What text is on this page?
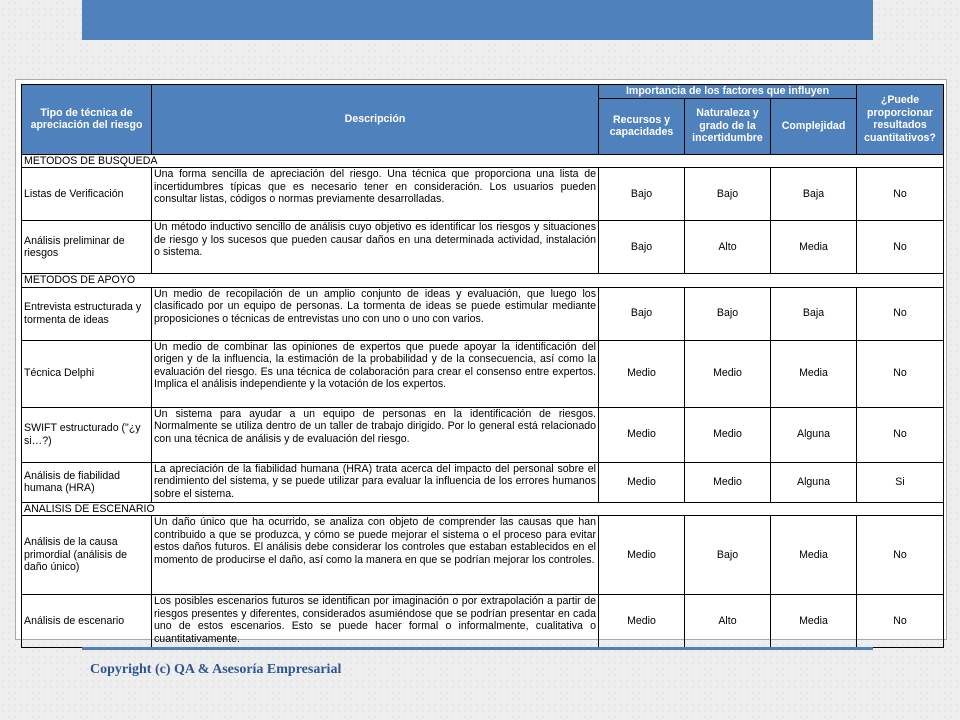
Tipo de técnica de apreciación del riesgo	Descripción	Importancia de los factores que influyen			¿Puede proporcionar resultados cuantitativos?
		Recursos y capacidades	Naturaleza y grado de la incertidumbre	Complejidad	
METODOS DE BUSQUEDA					
Listas de Verificación	Una forma sencilla de apreciación del riesgo. Una técnica que proporciona una lista de incertidumbres típicas que es necesario tener en consideración. Los usuarios pueden consultar listas, códigos o normas previamente desarrolladas.	Bajo	Bajo	Baja	No
Análisis preliminar de riesgos	Un método inductivo sencillo de análisis cuyo objetivo es identificar los riesgos y situaciones de riesgo y los sucesos que pueden causar daños en una determinada actividad, instalación o sistema.	Bajo	Alto	Media	No
METODOS DE APOYO					
Entrevista estructurada y tormenta de ideas	Un medio de recopilación de un amplio conjunto de ideas y evaluación, que luego los clasificado por un equipo de personas. La tormenta de ideas se puede estimular mediante proposiciones o técnicas de entrevistas uno con uno o uno con varios.	Bajo	Bajo	Baja	No
Técnica Delphi	Un medio de combinar las opiniones de expertos que puede apoyar la identificación del origen y de la influencia, la estimación de la probabilidad y de la consecuencia, así como la evaluación del riesgo. Es una técnica de colaboración para crear el consenso entre expertos. Implica el análisis independiente y la votación de los expertos.	Medio	Medio	Media	No
SWIFT estructurado ("¿y si…?)	Un sistema para ayudar a un equipo de personas en la identificación de riesgos. Normalmente se utiliza dentro de un taller de trabajo dirigido. Por lo general está relacionado con una técnica de análisis y de evaluación del riesgo.	Medio	Medio	Alguna	No
Análisis de fiabilidad humana (HRA)	La apreciación de la fiabilidad humana (HRA) trata acerca del impacto del personal sobre el rendimiento del sistema, y se puede utilizar para evaluar la influencia de los errores humanos sobre el sistema.	Medio	Medio	Alguna	Si
ANALISIS DE ESCENARIO					
Análisis de la causa primordial (análisis de daño único)	Un daño único que ha ocurrido, se analiza con objeto de comprender las causas que han contribuido a que se produzca, y cómo se puede mejorar el sistema o el proceso para evitar estos daños futuros. El análisis debe considerar los controles que estaban establecidos en el momento de producirse el daño, así como la manera en que se podrían mejorar los controles.	Medio	Bajo	Media	No
Análisis de escenario	Los posibles escenarios futuros se identifican por imaginación o por extrapolación a partir de riesgos presentes y diferentes, considerados asumiéndose que se podrían presentar en cada uno de estos escenarios. Esto se puede hacer formal o informalmente, cualitativa o cuantitativamente.	Medio	Alto	Media	No
Copyright (c) QA & Asesoría Empresarial
